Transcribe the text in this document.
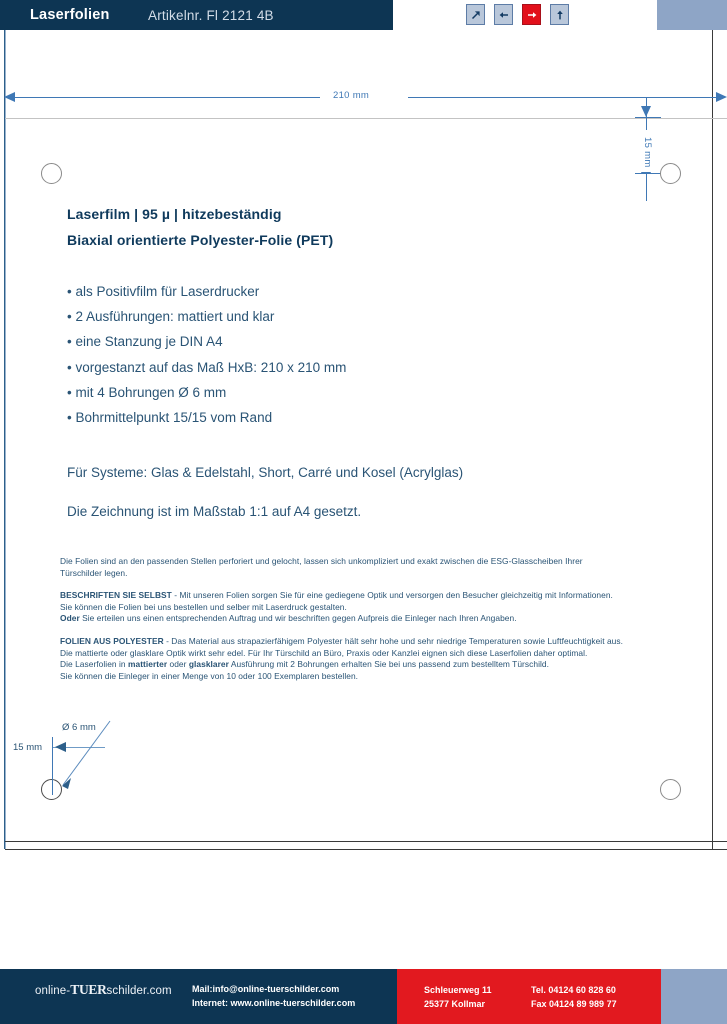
Laserfolien	Artikelnr. Fl 2121 4B
210 mm
15 mm
Laserfilm | 95 µ | hitzebeständig
Biaxial orientierte Polyester-Folie (PET)
• als Positivfilm für Laserdrucker
• 2 Ausführungen: mattiert und klar
• eine Stanzung je DIN A4
• vorgestanzt auf das Maß HxB: 210 x 210 mm
• mit 4 Bohrungen Ø 6 mm
• Bohrmittelpunkt 15/15 vom Rand
Für Systeme: Glas & Edelstahl, Short, Carré und Kosel (Acrylglas)
Die Zeichnung ist im Maßstab 1:1 auf A4 gesetzt.
Die Folien sind an den passenden Stellen perforiert und gelocht, lassen sich unkompliziert und exakt zwischen die ESG-Glasscheiben Ihrer
Türschilder legen.
BESCHRIFTEN SIE SELBST - Mit unseren Folien sorgen Sie für eine gediegene Optik und versorgen den Besucher gleichzeitig mit Informationen.
Sie können die Folien bei uns bestellen und selber mit Laserdruck gestalten.
Oder Sie erteilen uns einen entsprechenden Auftrag und wir beschriften gegen Aufpreis die Einleger nach Ihren Angaben.
FOLIEN AUS POLYESTER - Das Material aus strapazierfähigem Polyester hält sehr hohe und sehr niedrige Temperaturen sowie Luftfeuchtigkeit aus.
Die mattierte oder glasklare Optik wirkt sehr edel. Für Ihr Türschild an Büro, Praxis oder Kanzlei eignen sich diese Laserfolien daher optimal.
Die Laserfolien in mattierter oder glasklarer Ausführung mit 2 Bohrungen erhalten Sie bei uns passend zum bestelltem Türschild.
Sie können die Einleger in einer Menge von 10 oder 100 Exemplaren bestellen.
15 mm
Ø 6 mm
online-TUERschilder.com Mail:info@online-tuerschilder.com
Internet: www.online-tuerschilder.com
Schleuerweg 11
25377 Kollmar
Tel. 04124 60 828 60
Fax 04124 89 989 77
